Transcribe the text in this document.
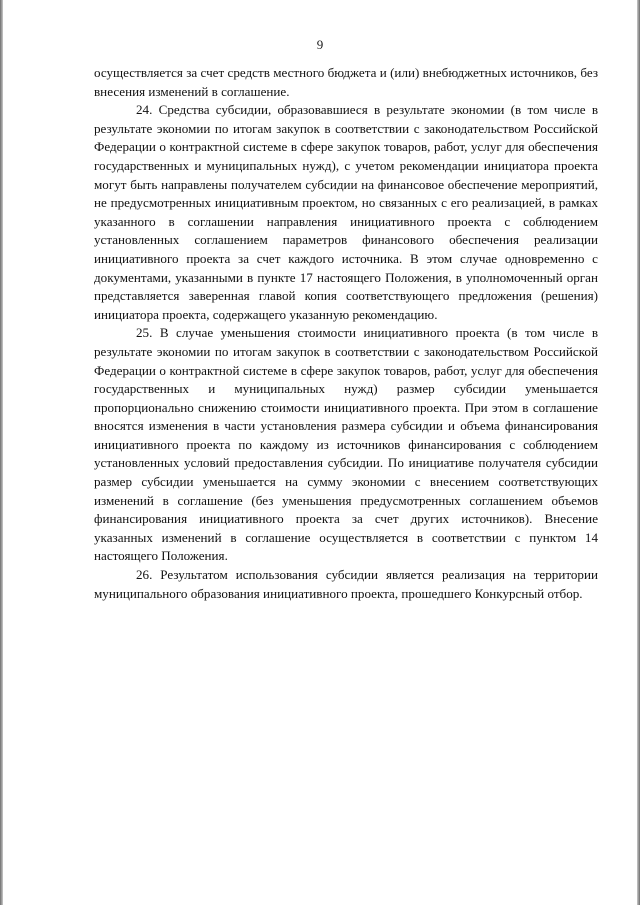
9

осуществляется за счет средств местного бюджета и (или) внебюджетных источников, без внесения изменений в соглашение.

24. Средства субсидии, образовавшиеся в результате экономии (в том числе в результате экономии по итогам закупок в соответствии с законодательством Российской Федерации о контрактной системе в сфере закупок товаров, работ, услуг для обеспечения государственных и муниципальных нужд), с учетом рекомендации инициатора проекта могут быть направлены получателем субсидии на финансовое обеспечение мероприятий, не предусмотренных инициативным проектом, но связанных с его реализацией, в рамках указанного в соглашении направления инициативного проекта с соблюдением установленных соглашением параметров финансового обеспечения реализации инициативного проекта за счет каждого источника. В этом случае одновременно с документами, указанными в пункте 17 настоящего Положения, в уполномоченный орган представляется заверенная главой копия соответствующего предложения (решения) инициатора проекта, содержащего указанную рекомендацию.

25. В случае уменьшения стоимости инициативного проекта (в том числе в результате экономии по итогам закупок в соответствии с законодательством Российской Федерации о контрактной системе в сфере закупок товаров, работ, услуг для обеспечения государственных и муниципальных нужд) размер субсидии уменьшается пропорционально снижению стоимости инициативного проекта. При этом в соглашение вносятся изменения в части установления размера субсидии и объема финансирования инициативного проекта по каждому из источников финансирования с соблюдением установленных условий предоставления субсидии. По инициативе получателя субсидии размер субсидии уменьшается на сумму экономии с внесением соответствующих изменений в соглашение (без уменьшения предусмотренных соглашением объемов финансирования инициативного проекта за счет других источников). Внесение указанных изменений в соглашение осуществляется в соответствии с пунктом 14 настоящего Положения.

26. Результатом использования субсидии является реализация на территории муниципального образования инициативного проекта, прошедшего Конкурсный отбор.
